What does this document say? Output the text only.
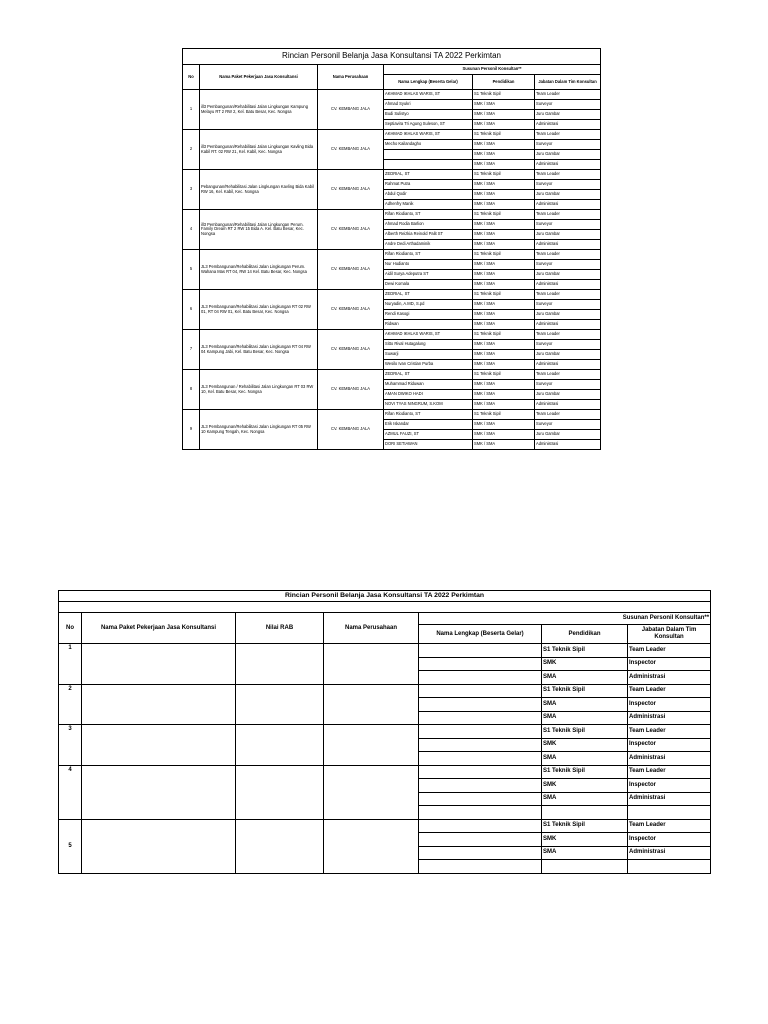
Rincian Personil Belanja Jasa Konsultansi TA 2022 Perkimtan					
No	Nama Paket Pekerjaan Jasa Konsultansi	Nama Perusahaan	Susunan Personil Konsultan**		
			Nama Lengkap (Beserta Gelar)	Pendidikan	Jabatan Dalam Tim Konsultan
1	ill3 Pembangunan/Rehabilitasi Jalan Lingkungan Kampung Melayu RT 2 RW 2, Kel. Batu Besar, Kec. Nongsa	CV. KEMBANG JALA	AKHMAD IKHLAS WARIS, ST	S1 Teknik Sipil	Team Leader
			Ahmad Syukri	SMK / SMA	Surveyor
			Budi Sulistyo	SMK / SMA	Juru Gambar
			Septiavira Tri Agung Suleson, ST	SMK / SMA	Administrasi
2	ill3 Pembangunan/Rehabilitasi Jalan Lingkungan Kavling Bida Kabil RT. 02 RW 21, Kel. Kabil, Kec. Nongsa	CV. KEMBANG JALA	AKHMAD IKHLAS WARIS, ST	S1 Teknik Sipil	Team Leader
			Mecho Kailandagho	SMK / SMA	Surveyor
				SMK / SMA	Juru Gambar
				SMK / SMA	Administrasi
3	Pebangunan/Rehabilitasi Jalan Lingkungan Kavling Bida Kabil RW 16, Kel. Kabil, Kec. Nongsa	CV. KEMBANG JALA	ZEDRIAL, ST	S1 Teknik Sipil	Team Leader
			Rahmat Putra	SMK / SMA	Surveyor
			Abdul Qodir	SMK / SMA	Juru Gambar
			Adhenfry Manik	SMK / SMA	Administrasi
4	ill3 Pembangunan/Rehabilitasi Jalan Lingkungan Perum. Family Dream RT 2 RW 15 Bida A. Kel. Batu Besar, Kec. Nongsa	CV. KEMBANG JALA	Rifan Riodianto, ST	S1 Teknik Sipil	Team Leader
			Ahmad Rodia Barlion	SMK / SMA	Surveyor
			Alberth Reizkia Reinold Palit ST	SMK / SMA	Juru Gambar
			Andre Dedi Arthadaminik	SMK / SMA	Administrasi
5	JL3 Pembangunan/Rehabilitasi Jalan Lingkungan Perum. Wahana Mas RT 04, RW 14 Kel. Batu Besar, Kec. Nongsa	CV. KEMBANG JALA	Rifan Riodianto, ST	S1 Teknik Sipil	Team Leader
			Nur Hudianto	SMK / SMA	Surveyor
			Aidil Surya Adeputra ST	SMK / SMA	Juru Gambar
			Dewi Komala	SMK / SMA	Administrasi
6	JL3 Pembangunan/Rehabilitasi Jalan Lingkungan RT 02 RW 01, RT 04 RW 01, Kel. Batu Besar, Kec. Nongsa	CV. KEMBANG JALA	ZEDRIAL, ST	S1 Teknik Sipil	Team Leader
			Nuryadin, A.MD, S.pd	SMK / SMA	Surveyor
			Rendi Kasogi	SMK / SMA	Juru Gambar
			Ridwan	SMK / SMA	Administrasi
7	JL3 Pembangunan/Rehabilitasi Jalan Lingkungan RT 04 RW 04 Kampung Jabi, Kel. Batu Besar, Kec. Nongsa	CV. KEMBANG JALA	AKHMAD IKHLAS WARIS, ST	S1 Teknik Sipil	Team Leader
			Sitto Rival Hutagalung	SMK / SMA	Surveyor
			Suwarji	SMK / SMA	Juru Gambar
			Wesilo Ivan Cristian Purba	SMK / SMA	Administrasi
8	JL3 Pembangunan / Rehabilitasi Jalan Lingkungan RT 03 RW 10, Kel. Batu Besar, Kec. Nongsa	CV. KEMBANG JALA	ZEDRIAL, ST	S1 Teknik Sipil	Team Leader
			Muhammad Riduwan	SMK / SMA	Surveyor
			AMAN DWIKO HADI	SMK / SMA	Juru Gambar
			NOVI TYAS NINGRUM, S.KOM	SMK / SMA	Administrasi
9	JL3 Pembangunan/Rehabilitasi Jalan Lingkungan RT 05 RW 10 Kampung Tengah, Kec. Nongsa	CV. KEMBANG JALA	Rifan Riodianto, ST	S1 Teknik Sipil	Team Leader
			Erik Iskandar	SMK / SMA	Surveyor
			AZMUL FAUZI, ST	SMK / SMA	Juru Gambar
			DORI SETIAWAN	SMK / SMA	Administrasi
Rincian Personil Belanja Jasa Konsultansi TA 2022 Perkimtan						

No	Nama Paket Pekerjaan Jasa Konsultansi	Nilai RAB	Nama Perusahaan	Susunan Personil Konsultan**		
				Nama Lengkap (Beserta Gelar)	Pendidikan	Jabatan Dalam Tim Konsultan
1					S1 Teknik Sipil	Team Leader
					SMK	Inspector
					SMA	Administrasi
2					S1 Teknik Sipil	Team Leader
					SMA	Inspector
					SMA	Administrasi
3					S1 Teknik Sipil	Team Leader
					SMK	Inspector
					SMA	Administrasi
4					S1 Teknik Sipil	Team Leader
					SMK	Inspector
					SMA	Administrasi

5					S1 Teknik Sipil	Team Leader
					SMK	Inspector
					SMA	Administrasi
